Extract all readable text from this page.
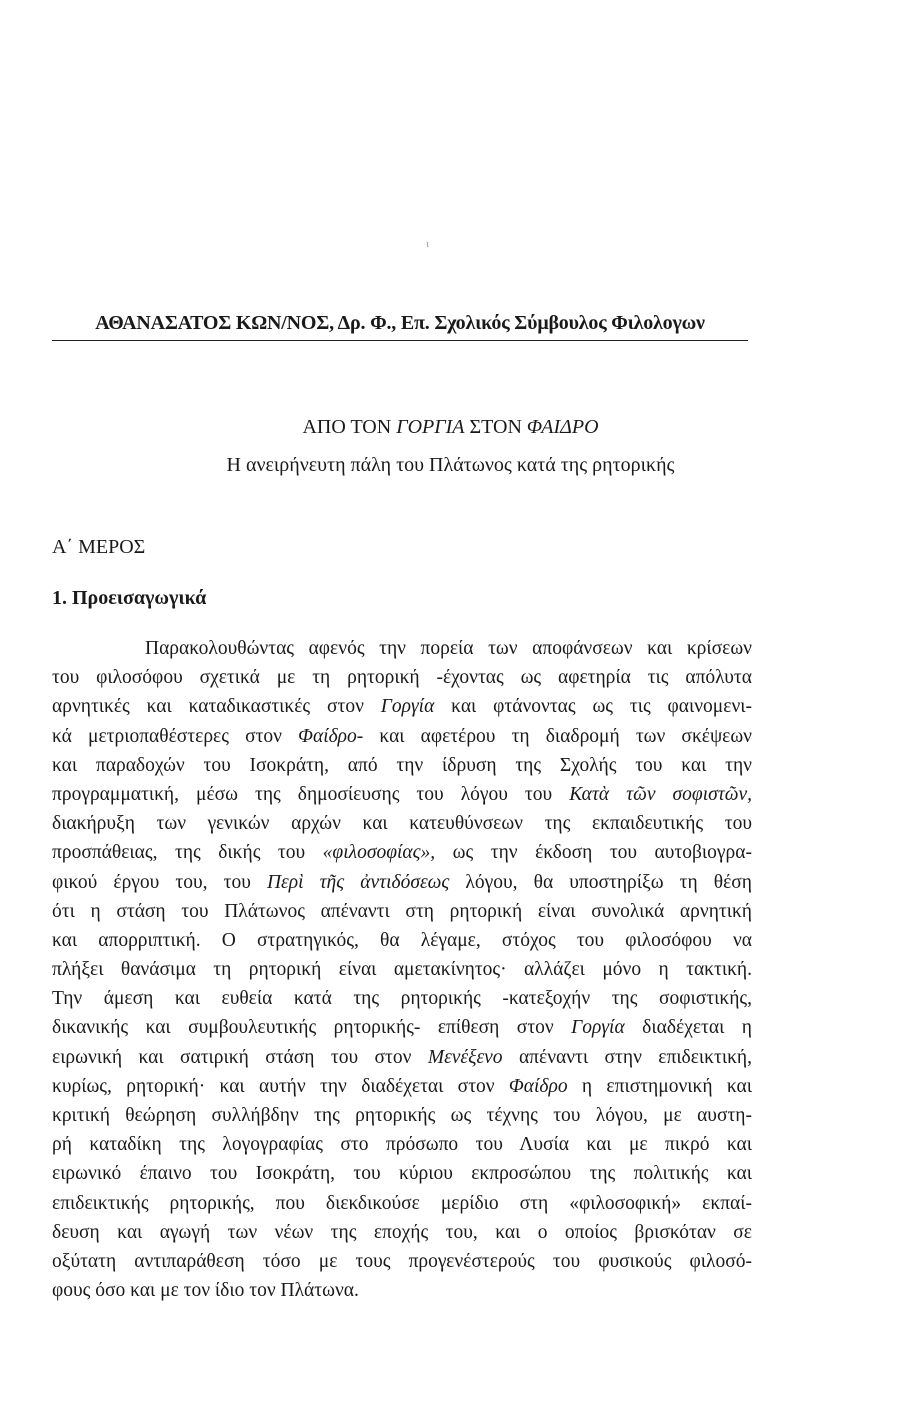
ι
ΑΘΑΝΑΣΑΤΟΣ ΚΩΝ/ΝΟΣ, Δρ. Φ., Επ. Σχολικός Σύμβουλος Φιλολογων
ΑΠΟ ΤΟΝ ΓΟΡΓΙΑ ΣΤΟΝ ΦΑΙΔΡΟ
Η ανειρήνευτη πάλη του Πλάτωνος κατά της ρητορικής
Α΄ ΜΕΡΟΣ
1. Προεισαγωγικά
Παρακολουθώντας αφενός την πορεία των αποφάνσεων και κρίσεων
του φιλοσόφου σχετικά με τη ρητορική -έχοντας ως αφετηρία τις απόλυτα
αρνητικές και καταδικαστικές στον Γοργία και φτάνοντας ως τις φαινομενι-
κά μετριοπαθέστερες στον Φαίδρο- και αφετέρου τη διαδρομή των σκέψεων
και παραδοχών του Ισοκράτη, από την ίδρυση της Σχολής του και την
προγραμματική, μέσω της δημοσίευσης του λόγου του Κατὰ τῶν σοφιστῶν,
διακήρυξη των γενικών αρχών και κατευθύνσεων της εκπαιδευτικής του
προσπάθειας, της δικής του «φιλοσοφίας», ως την έκδοση του αυτοβιογρα-
φικού έργου του, του Περὶ τῆς ἀντιδόσεως λόγου, θα υποστηρίξω τη θέση
ότι η στάση του Πλάτωνος απέναντι στη ρητορική είναι συνολικά αρνητική
και απορριπτική. Ο στρατηγικός, θα λέγαμε, στόχος του φιλοσόφου να
πλήξει θανάσιμα τη ρητορική είναι αμετακίνητος· αλλάζει μόνο η τακτική.
Την άμεση και ευθεία κατά της ρητορικής -κατεξοχήν της σοφιστικής,
δικανικής και συμβουλευτικής ρητορικής- επίθεση στον Γοργία διαδέχεται η
ειρωνική και σατιρική στάση του στον Μενέξενο απέναντι στην επιδεικτική,
κυρίως, ρητορική· και αυτήν την διαδέχεται στον Φαίδρο η επιστημονική και
κριτική θεώρηση συλλήβδην της ρητορικής ως τέχνης του λόγου, με αυστη-
ρή καταδίκη της λογογραφίας στο πρόσωπο του Λυσία και με πικρό και
ειρωνικό έπαινο του Ισοκράτη, του κύριου εκπροσώπου της πολιτικής και
επιδεικτικής ρητορικής, που διεκδικούσε μερίδιο στη «φιλοσοφική» εκπαί-
δευση και αγωγή των νέων της εποχής του, και ο οποίος βρισκόταν σε
οξύτατη αντιπαράθεση τόσο με τους προγενέστερούς του φυσικούς φιλοσό-
φους όσο και με τον ίδιο τον Πλάτωνα.
